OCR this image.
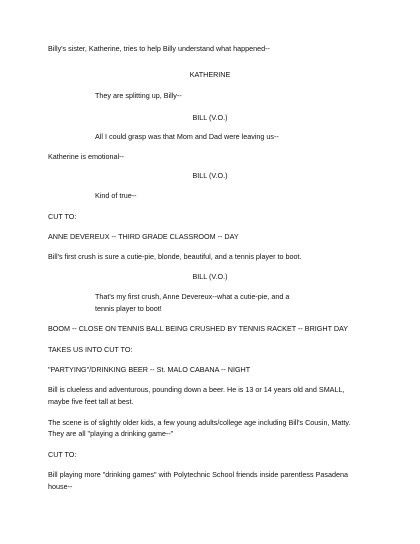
Billy's sister, Katherine, tries to help Billy understand what happened--
KATHERINE
They are splitting up, Billy--
BILL (V.O.)
All I could grasp was that Mom and Dad were leaving us--
Katherine is emotional--
BILL (V.O.)
Kind of true--
CUT TO:
ANNE DEVEREUX -- THIRD GRADE CLASSROOM -- DAY
Bill's first crush is sure a cutie-pie, blonde, beautiful, and a tennis player to boot.
BILL (V.O.)
That's my first crush, Anne Devereux--what a cutie-pie, and a
tennis player to boot!
BOOM -- CLOSE ON TENNIS BALL BEING CRUSHED BY TENNIS RACKET -- BRIGHT DAY
TAKES US INTO CUT TO:
"PARTYING"/DRINKING BEER -- St. MALO CABANA -- NIGHT
Bill is clueless and adventurous, pounding down a beer. He is 13 or 14 years old and SMALL,
maybe five feet tall at best.
The scene is of slightly older kids, a few young adults/college age including Bill's Cousin, Matty.
They are all "playing a drinking game--"
CUT TO:
Bill playing more "drinking games" with Polytechnic School friends inside parentless Pasadena
house--
